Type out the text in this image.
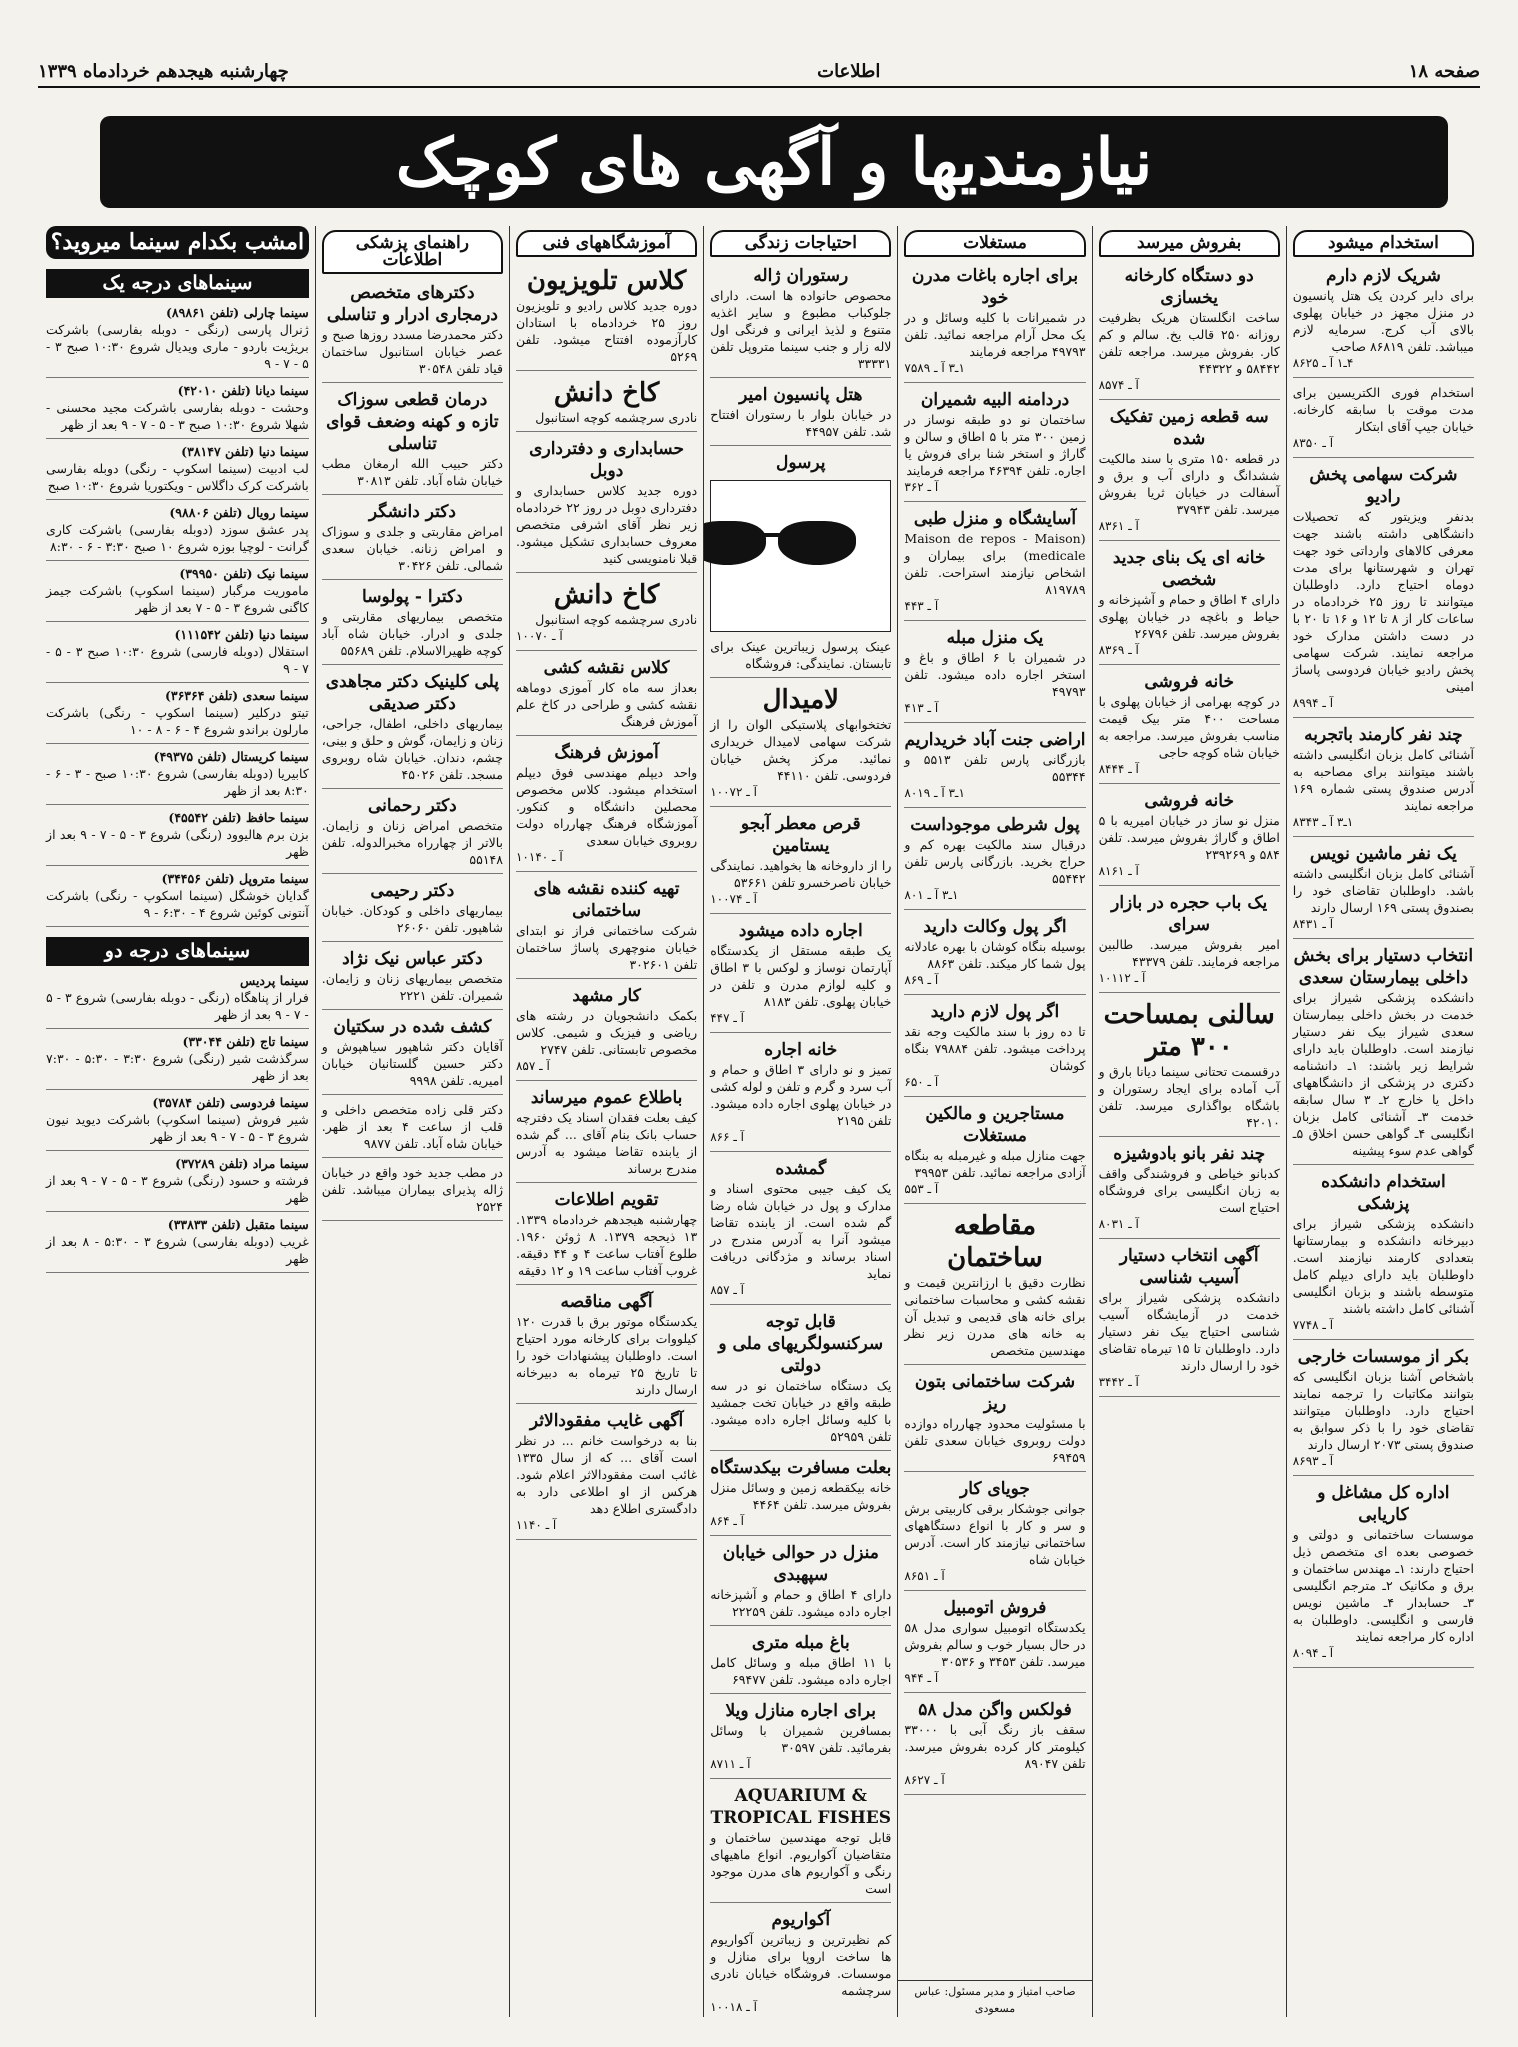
صفحه ۱۸
اطلاعات
چهارشنبه هیجدهم خردادماه ۱۳۳۹
نیازمندیها و آگهی های کوچک
استخدام میشود
شریک لازم دارم
برای دایر کردن یک هتل پانسیون در منزل مجهز در خیابان پهلوی بالای آب کرج. سرمایه لازم میباشد. تلفن ۸۶۸۱۹ صاحب
۴ـ۱ آ ـ ۸۶۲۵
استخدام فوری الکتریسین برای مدت موقت با سابقه کارخانه. خیابان جیپ آقای ابتکار
آ ـ ۸۳۵۰
شرکت سهامی پخش رادیو
بدنفر ویزیتور که تحصیلات دانشگاهی داشته باشند جهت معرفی کالاهای وارداتی خود جهت تهران و شهرستانها برای مدت دوماه احتیاج دارد. داوطلبان میتوانند تا روز ۲۵ خردادماه در ساعات کار از ۸ تا ۱۲ و ۱۶ تا ۲۰ با در دست داشتن مدارک خود مراجعه نمایند. شرکت سهامی پخش رادیو خیابان فردوسی پاساژ امینی
آ ـ ۸۹۹۴
چند نفر کارمند باتجربه
آشنائی کامل بزبان انگلیسی داشته باشند میتوانند برای مصاحبه به آدرس صندوق پستی شماره ۱۶۹ مراجعه نمایند
۱ـ۳ آ ـ ۸۳۴۳
یک نفر ماشین نویس
آشنائی کامل بزبان انگلیسی داشته باشد. داوطلبان تقاضای خود را بصندوق پستی ۱۶۹ ارسال دارند
آ ـ ۸۴۳۱
انتخاب دستیار برای بخش داخلی بیمارستان سعدی
دانشکده پزشکی شیراز برای خدمت در بخش داخلی بیمارستان سعدی شیراز بیک نفر دستیار نیازمند است. داوطلبان باید دارای شرایط زیر باشند: ۱ـ دانشنامه دکتری در پزشکی از دانشگاههای داخل یا خارج ۲ـ ۳ سال سابقه خدمت ۳ـ آشنائی کامل بزبان انگلیسی ۴ـ گواهی حسن اخلاق ۵ـ گواهی عدم سوء پیشینه
استخدام دانشکده پزشکی
دانشکده پزشکی شیراز برای دبیرخانه دانشکده و بیمارستانها بتعدادی کارمند نیازمند است. داوطلبان باید دارای دیپلم کامل متوسطه باشند و بزبان انگلیسی آشنائی کامل داشته باشند
آ ـ ۷۷۴۸
بکر از موسسات خارجی
باشخاص آشنا بزبان انگلیسی که بتوانند مکاتبات را ترجمه نمایند احتیاج دارد. داوطلبان میتوانند تقاضای خود را با ذکر سوابق به صندوق پستی ۲۰۷۳ ارسال دارند
آ ـ ۸۶۹۳
اداره کل مشاغل و کاریابی
موسسات ساختمانی و دولتی و خصوصی بعده ای متخصص ذیل احتیاج دارند: ۱ـ مهندس ساختمان و برق و مکانیک ۲ـ مترجم انگلیسی ۳ـ حسابدار ۴ـ ماشین نویس فارسی و انگلیسی. داوطلبان به اداره کار مراجعه نمایند
آ ـ ۸۰۹۴
بفروش میرسد
دو دستگاه کارخانه یخسازی
ساخت انگلستان هریک بظرفیت روزانه ۲۵۰ قالب یخ. سالم و کم کار. بفروش میرسد. مراجعه تلفن ۵۸۴۴۲ و ۴۴۳۲۲
آ ـ ۸۵۷۴
سه قطعه زمین تفکیک شده
در قطعه ۱۵۰ متری با سند مالکیت ششدانگ و دارای آب و برق و آسفالت در خیابان ثریا بفروش میرسد. تلفن ۳۷۹۴۳
آ ـ ۸۳۶۱
خانه ای یک بنای جدید شخصی
دارای ۴ اطاق و حمام و آشپزخانه و حیاط و باغچه در خیابان پهلوی بفروش میرسد. تلفن ۲۶۷۹۶
آ ـ ۸۳۶۹
خانه فروشی
در کوچه بهرامی از خیابان پهلوی با مساحت ۴۰۰ متر بیک قیمت مناسب بفروش میرسد. مراجعه به خیابان شاه کوچه حاجی
آ ـ ۸۴۴۴
خانه فروشی
منزل نو ساز در خیابان امیریه با ۵ اطاق و گاراژ بفروش میرسد. تلفن ۵۸۴ و ۲۳۹۲۶۹
آ ـ ۸۱۶۱
یک باب حجره در بازار سرای
امیر بفروش میرسد. طالبین مراجعه فرمایند. تلفن ۴۳۳۷۹
آ ـ ۱۰۱۱۲
سالنی بمساحت ۳۰۰ متر
درقسمت تحتانی سینما دیانا بارق و آب آماده برای ایجاد رستوران و باشگاه بواگذاری میرسد. تلفن ۴۲۰۱۰
چند نفر بانو بادوشیزه
کدبانو خیاطی و فروشندگی واقف به زبان انگلیسی برای فروشگاه احتیاج است
آ ـ ۸۰۳۱
آگهی انتخاب دستیار آسیب شناسی
دانشکده پزشکی شیراز برای خدمت در آزمایشگاه آسیب شناسی احتیاج بیک نفر دستیار دارد. داوطلبان تا ۱۵ تیرماه تقاضای خود را ارسال دارند
آ ـ ۳۴۴۲
مستغلات
برای اجاره باغات مدرن خود
در شمیرانات با کلیه وسائل و در یک محل آرام مراجعه نمائید. تلفن ۴۹۷۹۳ مراجعه فرمایند
۱ـ۳ آ ـ ۷۵۸۹
دردامنه البیه شمیران
ساختمان نو دو طبقه نوساز در زمین ۳۰۰ متر با ۵ اطاق و سالن و گاراژ و استخر شنا برای فروش یا اجاره. تلفن ۴۶۳۹۴ مراجعه فرمایند
آ ـ ۳۶۲
آسایشگاه و منزل طبی
(Maison de repos - Maison medicale) برای بیماران و اشخاص نیازمند استراحت. تلفن ۸۱۹۷۸۹
آ ـ ۴۴۳
یک منزل مبله
در شمیران با ۶ اطاق و باغ و استخر اجاره داده میشود. تلفن ۴۹۷۹۳
آ ـ ۴۱۳
اراضی جنت آباد خریداریم
بازرگانی پارس تلفن ۵۵۱۳ و ۵۵۳۴۴
۱ـ۳ آ ـ ۸۰۱۹
پول شرطی موجوداست
درقبال سند مالکیت بهره کم و حراج بخرید. بازرگانی پارس تلفن ۵۵۴۴۲
۱ـ۳ آ ـ ۸۰۱
اگر پول وکالت دارید
بوسیله بنگاه کوشان با بهره عادلانه پول شما کار میکند. تلفن ۸۸۶۳
آ ـ ۸۶۹
اگر پول لازم دارید
تا ده روز با سند مالکیت وجه نقد پرداخت میشود. تلفن ۷۹۸۸۴ بنگاه کوشان
آ ـ ۶۵۰
مستاجرین و مالکین مستغلات
جهت منازل مبله و غیرمبله به بنگاه آزادی مراجعه نمائید. تلفن ۳۹۹۵۳
آ ـ ۵۵۳
مقاطعه ساختمان
نظارت دقیق با ارزانترین قیمت و نقشه کشی و محاسبات ساختمانی برای خانه های قدیمی و تبدیل آن به خانه های مدرن زیر نظر مهندسین متخصص
شرکت ساختمانی بتون ریز
با مسئولیت محدود چهارراه دوازده دولت روبروی خیابان سعدی تلفن ۶۹۴۵۹
جویای کار
جوانی جوشکار برقی کاربیتی برش و سر و کار با انواع دستگاههای ساختمانی نیازمند کار است. آدرس خیابان شاه
آ ـ ۸۶۵۱
فروش اتومبیل
یکدستگاه اتومبیل سواری مدل ۵۸ در حال بسیار خوب و سالم بفروش میرسد. تلفن ۳۴۵۳ و ۳۰۵۳۶
آ ـ ۹۴۴
فولکس واگن مدل ۵۸
سقف باز رنگ آبی با ۳۳۰۰۰ کیلومتر کار کرده بفروش میرسد. تلفن ۸۹۰۴۷
آ ـ ۸۶۲۷
صاحب امتیاز و مدیر مسئول: عباس مسعودی
احتیاجات زندگی
رستوران ژاله
محصوص حانواده ها است. دارای جلوکباب مطبوع و سایر اغذیه متنوع و لذیذ ایرانی و فرنگی اول لاله زار و جنب سینما متروپل تلفن ۳۳۳۳۱
هتل پانسیون امیر
در خیابان بلوار با رستوران افتتاح شد. تلفن ۴۴۹۵۷
پرسول
عینک پرسول زیباترین عینک برای تابستان. نمایندگی: فروشگاه
لامیدال
تختخوابهای پلاستیکی الوان را از شرکت سهامی لامیدال خریداری نمائید. مرکز پخش خیابان فردوسی. تلفن ۴۴۱۱۰
آ ـ ۱۰۰۷۲
قرص معطر آبجو یستامین
را از داروخانه ها بخواهید. نمایندگی خیابان ناصرخسرو تلفن ۵۳۶۶۱
آ ـ ۱۰۰۷۴
اجاره داده میشود
یک طبقه مستقل از یکدستگاه آپارتمان نوساز و لوکس با ۳ اطاق و کلیه لوازم مدرن و تلفن در خیابان پهلوی. تلفن ۸۱۸۳
آ ـ ۴۴۷
خانه اجاره
تمیز و نو دارای ۳ اطاق و حمام و آب سرد و گرم و تلفن و لوله کشی در خیابان پهلوی اجاره داده میشود. تلفن ۲۱۹۵
آ ـ ۸۶۶
گمشده
یک کیف جیبی محتوی اسناد و مدارک و پول در خیابان شاه رضا گم شده است. از یابنده تقاضا میشود آنرا به آدرس مندرج در اسناد برساند و مژدگانی دریافت نماید
آ ـ ۸۵۷
قابل توجه سرکنسولگریهای ملی و دولتی
یک دستگاه ساختمان نو در سه طبقه واقع در خیابان تخت جمشید با کلیه وسائل اجاره داده میشود. تلفن ۵۲۹۵۹
بعلت مسافرت بیکدستگاه
خانه بیکقطعه زمین و وسائل منزل بفروش میرسد. تلفن ۴۴۶۴
آ ـ ۸۶۴
منزل در حوالی خیابان سپهبدی
دارای ۴ اطاق و حمام و آشپزخانه اجاره داده میشود. تلفن ۲۲۲۵۹
باغ مبله متری
با ۱۱ اطاق مبله و وسائل کامل اجاره داده میشود. تلفن ۶۹۴۷۷
برای اجاره منازل ویلا
بمسافرین شمیران با وسائل بفرمائید. تلفن ۳۰۵۹۷
آ ـ ۸۷۱۱
AQUARIUM & TROPICAL FISHES
قابل توجه مهندسین ساختمان و متقاضیان آکواریوم. انواع ماهیهای رنگی و آکواریوم های مدرن موجود است
آکواریوم
کم نظیرترین و زیباترین آکواریوم ها ساخت اروپا برای منازل و موسسات. فروشگاه خیابان نادری سرچشمه
آ ـ ۱۰۰۱۸
آموزشگاههای فنی
کلاس تلویزیون
دوره جدید کلاس رادیو و تلویزیون روز ۲۵ خردادماه با استادان کارآزموده افتتاح میشود. تلفن ۵۲۶۹
کاخ دانش
نادری سرچشمه کوچه استانبول
حسابداری و دفترداری دوبل
دوره جدید کلاس حسابداری و دفترداری دوبل در روز ۲۲ خردادماه زیر نظر آقای اشرفی متخصص معروف حسابداری تشکیل میشود. قبلا نامنویسی کنید
کاخ دانش
نادری سرچشمه کوچه استانبول
آ ـ ۱۰۰۷۰
کلاس نقشه کشی
بعداز سه ماه کار آموزی دوماهه نقشه کشی و طراحی در کاخ علم آموزش فرهنگ
آموزش فرهنگ
واحد دیپلم مهندسی فوق دیپلم استخدام میشود. کلاس مخصوص محصلین دانشگاه و کنکور. آموزشگاه فرهنگ چهارراه دولت روبروی خیابان سعدی
آ ـ ۱۰۱۴۰
تهیه کننده نقشه های ساختمانی
شرکت ساختمانی فراز نو ابتدای خیابان منوچهری پاساژ ساختمان تلفن ۳۰۲۶۰۱
کار مشهد
بکمک دانشجویان در رشته های ریاضی و فیزیک و شیمی. کلاس مخصوص تابستانی. تلفن ۲۷۴۷
آ ـ ۸۵۷
باطلاع عموم میرساند
کیف بعلت فقدان اسناد یک دفترچه حساب بانک بنام آقای ... گم شده از یابنده تقاضا میشود به آدرس مندرج برساند
تقویم اطلاعات
چهارشنبه هیجدهم خردادماه ۱۳۳۹. ۱۳ ذیحجه ۱۳۷۹. ۸ ژوئن ۱۹۶۰. طلوع آفتاب ساعت ۴ و ۴۴ دقیقه. غروب آفتاب ساعت ۱۹ و ۱۲ دقیقه
آگهی مناقصه
یکدستگاه موتور برق با قدرت ۱۲۰ کیلووات برای کارخانه مورد احتیاج است. داوطلبان پیشنهادات خود را تا تاریخ ۲۵ تیرماه به دبیرخانه ارسال دارند
آگهی غایب مفقودالاثر
بنا به درخواست خانم ... در نظر است آقای ... که از سال ۱۳۳۵ غائب است مفقودالاثر اعلام شود. هرکس از او اطلاعی دارد به دادگستری اطلاع دهد
آ ـ ۱۱۴۰
راهنمای پزشکی اطلاعات
دکترهای متخصص درمجاری ادرار و تناسلی
دکتر محمدرضا مسدد روزها صبح و عصر خیابان استانبول ساختمان قیاد تلفن ۳۰۵۴۸
درمان قطعی سوزاک تازه و کهنه وضعف قوای تناسلی
دکتر حبیب الله ارمغان مطب خیابان شاه آباد. تلفن ۳۰۸۱۳
دکتر دانشگر
امراض مقاربتی و جلدی و سوزاک و امراض زنانه. خیابان سعدی شمالی. تلفن ۳۰۴۲۶
دکترا - پولوسا
متخصص بیماریهای مقاربتی و جلدی و ادرار. خیابان شاه آباد کوچه ظهیرالاسلام. تلفن ۵۵۶۸۹
پلی کلینیک دکتر مجاهدی دکتر صدیقی
بیماریهای داخلی، اطفال، جراحی، زنان و زایمان، گوش و حلق و بینی، چشم، دندان. خیابان شاه روبروی مسجد. تلفن ۴۵۰۲۶
دکتر رحمانی
متخصص امراض زنان و زایمان. بالاتر از چهارراه مخبرالدوله. تلفن ۵۵۱۴۸
دکتر رحیمی
بیماریهای داخلی و کودکان. خیابان شاهپور. تلفن ۲۶۰۶۰
دکتر عباس نیک نژاد
متخصص بیماریهای زنان و زایمان. شمیران. تلفن ۲۲۲۱
کشف شده در سکتیان
آقایان دکتر شاهپور سیاهپوش و دکتر حسین گلستانیان خیابان امیریه. تلفن ۹۹۹۸
دکتر قلی زاده متخصص داخلی و قلب از ساعت ۴ بعد از ظهر. خیابان شاه آباد. تلفن ۹۸۷۷
در مطب جدید خود واقع در خیابان ژاله پذیرای بیماران میباشد. تلفن ۲۵۲۴
امشب بکدام سینما میروید؟
سینماهای درجه یک
سینما چارلی (تلفن ۸۹۸۶۱)
ژنرال پارسی (رنگی - دوبله بفارسی) باشرکت بریژیت باردو - ماری ویدیال شروع ۱۰:۳۰ صبح ۳ - ۵ - ۷ - ۹
سینما دیانا (تلفن ۴۲۰۱۰)
وحشت - دوبله بفارسی باشرکت مجید محسنی - شهلا شروع ۱۰:۳۰ صبح ۳ - ۵ - ۷ - ۹ بعد از ظهر
سینما دنیا (تلفن ۳۸۱۴۷)
لب ادبیت (سینما اسکوپ - رنگی) دوبله بفارسی باشرکت کرک داگلاس - ویکتوریا شروع ۱۰:۳۰ صبح
سینما رویال (تلفن ۹۸۸۰۶)
پدر عشق سوزد (دوبله بفارسی) باشرکت کاری گرانت - لوچیا بوزه شروع ۱۰ صبح ۳:۳۰ - ۶ - ۸:۳۰
سینما نیک (تلفن ۳۹۹۵۰)
ماموریت مرگبار (سینما اسکوپ) باشرکت جیمز کاگنی شروع ۳ - ۵ - ۷ بعد از ظهر
سینما دنیا (تلفن ۱۱۱۵۴۲)
استقلال (دوبله فارسی) شروع ۱۰:۳۰ صبح ۳ - ۵ - ۷ - ۹
سینما سعدی (تلفن ۳۶۳۶۴)
تیتو درکلیر (سینما اسکوپ - رنگی) باشرکت مارلون براندو شروع ۴ - ۶ - ۸ - ۱۰
سینما کریستال (تلفن ۴۹۳۷۵)
کابیریا (دوبله بفارسی) شروع ۱۰:۳۰ صبح - ۳ - ۶ - ۸:۳۰ بعد از ظهر
سینما حافظ (تلفن ۴۵۵۴۲)
بزن برم هالیوود (رنگی) شروع ۳ - ۵ - ۷ - ۹ بعد از ظهر
سینما متروپل (تلفن ۳۴۴۵۶)
گدایان خوشگل (سینما اسکوپ - رنگی) باشرکت آنتونی کوئین شروع ۴ - ۶:۳۰ - ۹
سینماهای درجه دو
سینما پردیس
فرار از پناهگاه (رنگی - دوبله بفارسی) شروع ۳ - ۵ - ۷ - ۹ بعد از ظهر
سینما تاج (تلفن ۳۳۰۴۴)
سرگذشت شیر (رنگی) شروع ۳:۳۰ - ۵:۳۰ - ۷:۳۰ بعد از ظهر
سینما فردوسی (تلفن ۳۵۷۸۴)
شیر فروش (سینما اسکوپ) باشرکت دیوید نیون شروع ۳ - ۵ - ۷ - ۹ بعد از ظهر
سینما مراد (تلفن ۳۷۲۸۹)
فرشته و حسود (رنگی) شروع ۳ - ۵ - ۷ - ۹ بعد از ظهر
سینما متقبل (تلفن ۳۳۸۳۳)
غریب (دوبله بفارسی) شروع ۳ - ۵:۳۰ - ۸ بعد از ظهر
